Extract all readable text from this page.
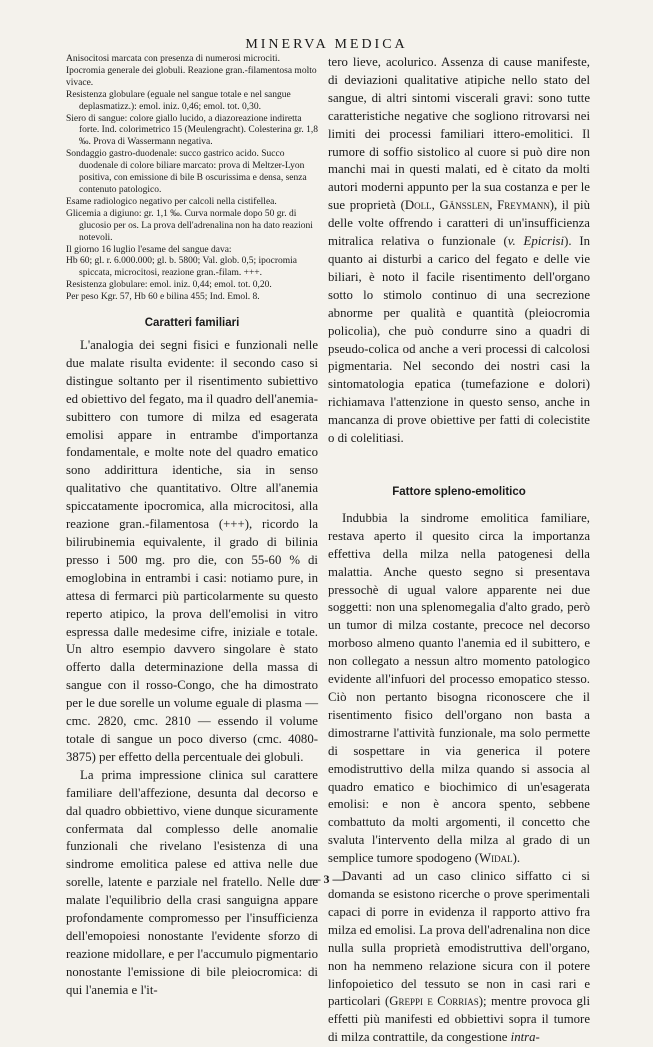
MINERVA MEDICA

Anisocitosi marcata con presenza di numerosi microciti. Ipocromia generale dei globuli. Reazione gran.-filamentosa molto vivace.

Resistenza globulare (eguale nel sangue totale e nel sangue deplasmatizz.): emol. iniz. 0,46; emol. tot. 0,30.

Siero di sangue: colore giallo lucido, a diazoreazione indiretta forte. Ind. colorimetrico 15 (Meulengracht). Colesterina gr. 1,8 ‰. Prova di Wassermann negativa.

Sondaggio gastro-duodenale: succo gastrico acido. Succo duodenale di colore biliare marcato: prova di Meltzer-Lyon positiva, con emissione di bile B oscurissima e densa, senza contenuto patologico.

Esame radiologico negativo per calcoli nella cistifellea.

Glicemia a digiuno: gr. 1,1 ‰. Curva normale dopo 50 gr. di glucosio per os. La prova dell'adrenalina non ha dato reazioni notevoli.

Il giorno 16 luglio l'esame del sangue dava:

Hb 60; gl. r. 6.000.000; gl. b. 5800; Val. glob. 0,5; ipocromia spiccata, microcitosi, reazione gran.-filam. +++.

Resistenza globulare: emol. iniz. 0,44; emol. tot. 0,20.

Per peso Kgr. 57, Hb 60 e bilina 455; Ind. Emol. 8.

Caratteri familiari

L'analogia dei segni fisici e funzionali nelle due malate risulta evidente: il secondo caso si distingue soltanto per il risentimento subiettivo ed obiettivo del fegato, ma il quadro dell'anemia-subittero con tumore di milza ed esagerata emolisi appare in entrambe d'importanza fondamentale, e molte note del quadro ematico sono addirittura identiche, sia in senso qualitativo che quantitativo. Oltre all'anemia spiccatamente ipocromica, alla microcitosi, alla reazione gran.-filamentosa (+++), ricordo la bilirubinemia equivalente, il grado di bilinia presso i 500 mg. pro die, con 55-60 % di emoglobina in entrambi i casi: notiamo pure, in attesa di fermarci più particolarmente su questo reperto atipico, la prova dell'emolisi in vitro espressa dalle medesime cifre, iniziale e totale. Un altro esempio davvero singolare è stato offerto dalla determinazione della massa di sangue con il rosso-Congo, che ha dimostrato per le due sorelle un volume eguale di plasma — cmc. 2820, cmc. 2810 — essendo il volume totale di sangue un poco diverso (cmc. 4080-3875) per effetto della percentuale dei globuli.

La prima impressione clinica sul carattere familiare dell'affezione, desunta dal decorso e dal quadro obbiettivo, viene dunque sicuramente confermata dal complesso delle anomalie funzionali che rivelano l'esistenza di una sindrome emolitica palese ed attiva nelle due sorelle, latente e parziale nel fratello. Nelle due malate l'equilibrio della crasi sanguigna appare profondamente compromesso per l'insufficienza dell'emopoiesi nonostante l'evidente sforzo di reazione midollare, e per l'accumulo pigmentario nonostante l'emissione di bile pleiocromica: di qui l'anemia e l'it-

tero lieve, acolurico. Assenza di cause manifeste, di deviazioni qualitative atipiche nello stato del sangue, di altri sintomi viscerali gravi: sono tutte caratteristiche negative che sogliono ritrovarsi nei limiti dei processi familiari ittero-emolitici. Il rumore di soffio sistolico al cuore si può dire non manchi mai in questi malati, ed è citato da molti autori moderni appunto per la sua costanza e per le sue proprietà (Doll, Gänsslen, Freymann), il più delle volte offrendo i caratteri di un'insufficienza mitralica relativa o funzionale (v. Epicrisi). In quanto ai disturbi a carico del fegato e delle vie biliari, è noto il facile risentimento dell'organo sotto lo stimolo continuo di una secrezione abnorme per qualità e quantità (pleiocromia policolia), che può condurre sino a quadri di pseudo-colica od anche a veri processi di calcolosi pigmentaria. Nel secondo dei nostri casi la sintomatologia epatica (tumefazione e dolori) richiamava l'attenzione in questo senso, anche in mancanza di prove obiettive per fatti di colecistite o di colelitiasi.

Fattore spleno-emolitico

Indubbia la sindrome emolitica familiare, restava aperto il quesito circa la importanza effettiva della milza nella patogenesi della malattia. Anche questo segno si presentava pressochè di ugual valore apparente nei due soggetti: non una splenomegalia d'alto grado, però un tumor di milza costante, precoce nel decorso morboso almeno quanto l'anemia ed il subittero, e non collegato a nessun altro momento patologico evidente all'infuori del processo emopatico stesso. Ciò non pertanto bisogna riconoscere che il risentimento fisico dell'organo non basta a dimostrarne l'attività funzionale, ma solo permette di sospettare in via generica il potere emodistruttivo della milza quando si associa al quadro ematico e biochimico di un'esagerata emolisi: e non è ancora spento, sebbene combattuto da molti argomenti, il concetto che svaluta l'intervento della milza al grado di un semplice tumore spodogeno (Widal).

Davanti ad un caso clinico siffatto ci si domanda se esistono ricerche o prove sperimentali capaci di porre in evidenza il rapporto attivo fra milza ed emolisi. La prova dell'adrenalina non dice nulla sulla proprietà emodistruttiva dell'organo, non ha nemmeno relazione sicura con il potere linfopoietico del tessuto se non in casi rari e particolari (Greppi e Corrias); mentre provoca gli effetti più manifesti ed obbiettivi sopra il tumore di milza contrattile, da congestione intra-

— 3 —
